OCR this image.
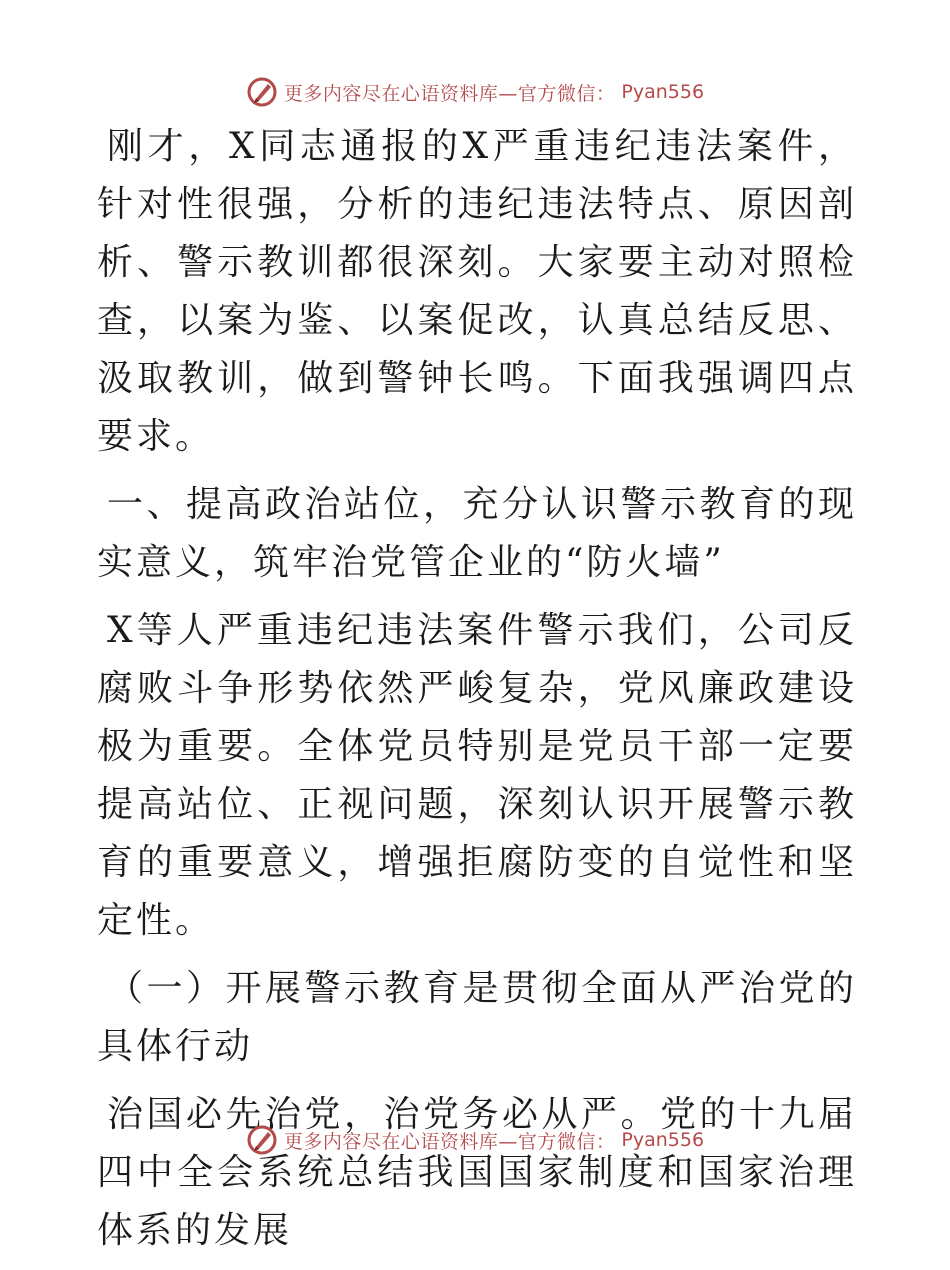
更多内容尽在心语资料库—官方微信： Pyan556

刚才，X同志通报的X严重违纪违法案件，针对性很强，分析的违纪违法特点、原因剖析、警示教训都很深刻。大家要主动对照检查，以案为鉴、以案促改，认真总结反思、汲取教训，做到警钟长鸣。下面我强调四点要求。

一、提高政治站位，充分认识警示教育的现实意义，筑牢治党管企业的“防火墙”

X等人严重违纪违法案件警示我们，公司反腐败斗争形势依然严峻复杂，党风廉政建设极为重要。全体党员特别是党员干部一定要提高站位、正视问题，深刻认识开展警示教育的重要意义，增强拒腐防变的自觉性和坚定性。

（一）开展警示教育是贯彻全面从严治党的具体行动

治国必先治党，治党务必从严。党的十九届四中全会系统总结我国国家制度和国家治理体系的发展

更多内容尽在心语资料库—官方微信： Pyan556
